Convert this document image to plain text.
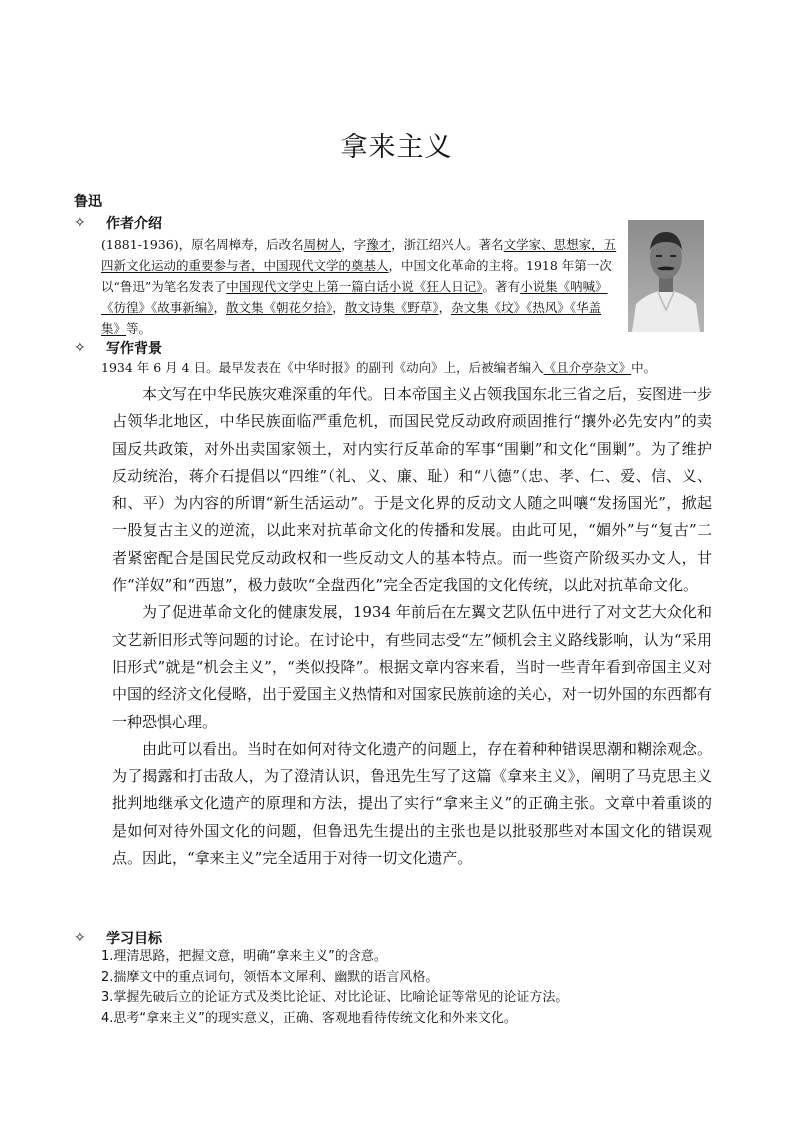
拿来主义
鲁迅
✧	作者介绍
(1881-1936)，原名周樟寿，后改名周树人，字豫才，浙江绍兴人。著名文学家、思想家，五四新文化运动的重要参与者，中国现代文学的奠基人，中国文化革命的主将。1918 年第一次以“鲁迅”为笔名发表了中国现代文学史上第一篇白话小说《狂人日记》。著有小说集《呐喊》《彷徨》《故事新编》，散文集《朝花夕拾》，散文诗集《野草》，杂文集《坟》《热风》《华盖集》等。
✧	写作背景
1934 年 6 月 4 日。最早发表在《中华时报》的副刊《动向》上，后被编者编入《且介亭杂文》中。

本文写在中华民族灾难深重的年代。日本帝国主义占领我国东北三省之后，妄图进一步占领华北地区，中华民族面临严重危机，而国民党反动政府顽固推行“攘外必先安内”的卖国反共政策，对外出卖国家领土，对内实行反革命的军事“围剿”和文化“围剿”。为了维护反动统治，蒋介石提倡以“四维”（礼、义、廉、耻）和“八德”（忠、孝、仁、爱、信、义、和、平）为内容的所谓“新生活运动”。于是文化界的反动文人随之叫嚷“发扬国光”，掀起一股复古主义的逆流，以此来对抗革命文化的传播和发展。由此可见，“媚外”与“复古”二者紧密配合是国民党反动政权和一些反动文人的基本特点。而一些资产阶级买办文人，甘作“洋奴”和“西崽”，极力鼓吹“全盘西化”完全否定我国的文化传统，以此对抗革命文化。

为了促进革命文化的健康发展，1934 年前后在左翼文艺队伍中进行了对文艺大众化和文艺新旧形式等问题的讨论。在讨论中，有些同志受“左”倾机会主义路线影响，认为“采用旧形式”就是“机会主义”，“类似投降”。根据文章内容来看，当时一些青年看到帝国主义对中国的经济文化侵略，出于爱国主义热情和对国家民族前途的关心，对一切外国的东西都有一种恐惧心理。

由此可以看出。当时在如何对待文化遗产的问题上，存在着种种错误思潮和糊涂观念。为了揭露和打击敌人，为了澄清认识，鲁迅先生写了这篇《拿来主义》，阐明了马克思主义批判地继承文化遗产的原理和方法，提出了实行“拿来主义”的正确主张。文章中着重谈的是如何对待外国文化的问题，但鲁迅先生提出的主张也是以批驳那些对本国文化的错误观点。因此，“拿来主义”完全适用于对待一切文化遗产。

✧	学习目标
1.理清思路，把握文意，明确“拿来主义”的含意。
2.揣摩文中的重点词句，领悟本文犀利、幽默的语言风格。
3.掌握先破后立的论证方式及类比论证、对比论证、比喻论证等常见的论证方法。
4.思考“拿来主义”的现实意义，正确、客观地看待传统文化和外来文化。
